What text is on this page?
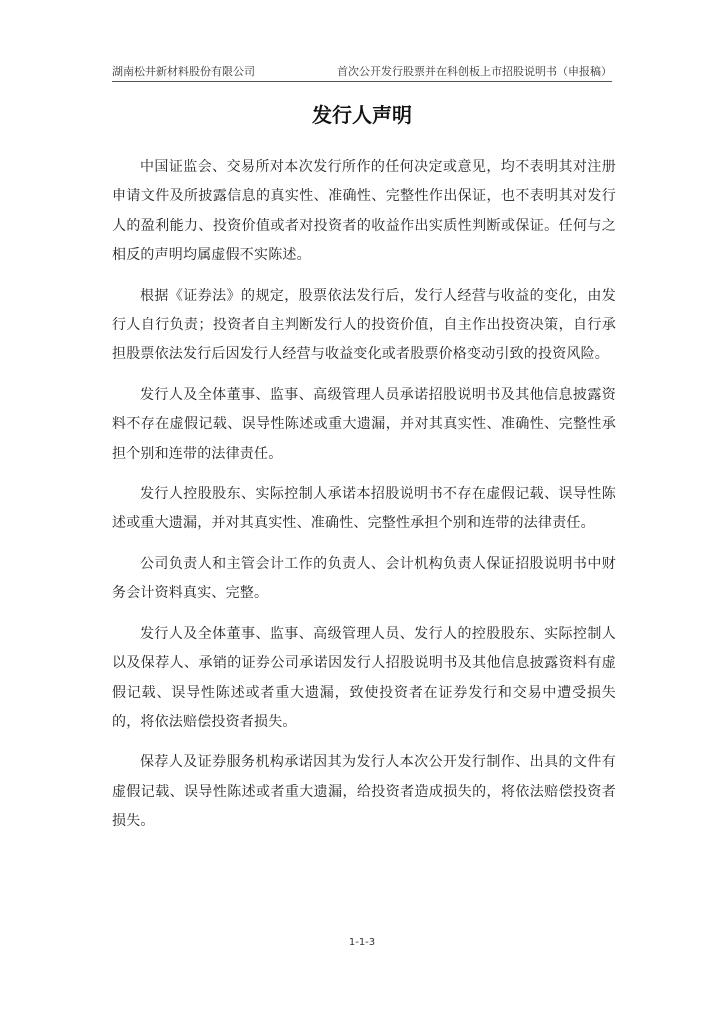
湖南松井新材料股份有限公司	首次公开发行股票并在科创板上市招股说明书（申报稿）
发行人声明

中国证监会、交易所对本次发行所作的任何决定或意见，均不表明其对注册申请文件及所披露信息的真实性、准确性、完整性作出保证，也不表明其对发行人的盈利能力、投资价值或者对投资者的收益作出实质性判断或保证。任何与之相反的声明均属虚假不实陈述。

根据《证券法》的规定，股票依法发行后，发行人经营与收益的变化，由发行人自行负责；投资者自主判断发行人的投资价值，自主作出投资决策，自行承担股票依法发行后因发行人经营与收益变化或者股票价格变动引致的投资风险。

发行人及全体董事、监事、高级管理人员承诺招股说明书及其他信息披露资料不存在虚假记载、误导性陈述或重大遗漏，并对其真实性、准确性、完整性承担个别和连带的法律责任。

发行人控股股东、实际控制人承诺本招股说明书不存在虚假记载、误导性陈述或重大遗漏，并对其真实性、准确性、完整性承担个别和连带的法律责任。

公司负责人和主管会计工作的负责人、会计机构负责人保证招股说明书中财务会计资料真实、完整。

发行人及全体董事、监事、高级管理人员、发行人的控股股东、实际控制人以及保荐人、承销的证券公司承诺因发行人招股说明书及其他信息披露资料有虚假记载、误导性陈述或者重大遗漏，致使投资者在证券发行和交易中遭受损失的，将依法赔偿投资者损失。

保荐人及证券服务机构承诺因其为发行人本次公开发行制作、出具的文件有虚假记载、误导性陈述或者重大遗漏，给投资者造成损失的，将依法赔偿投资者损失。

1-1-3
